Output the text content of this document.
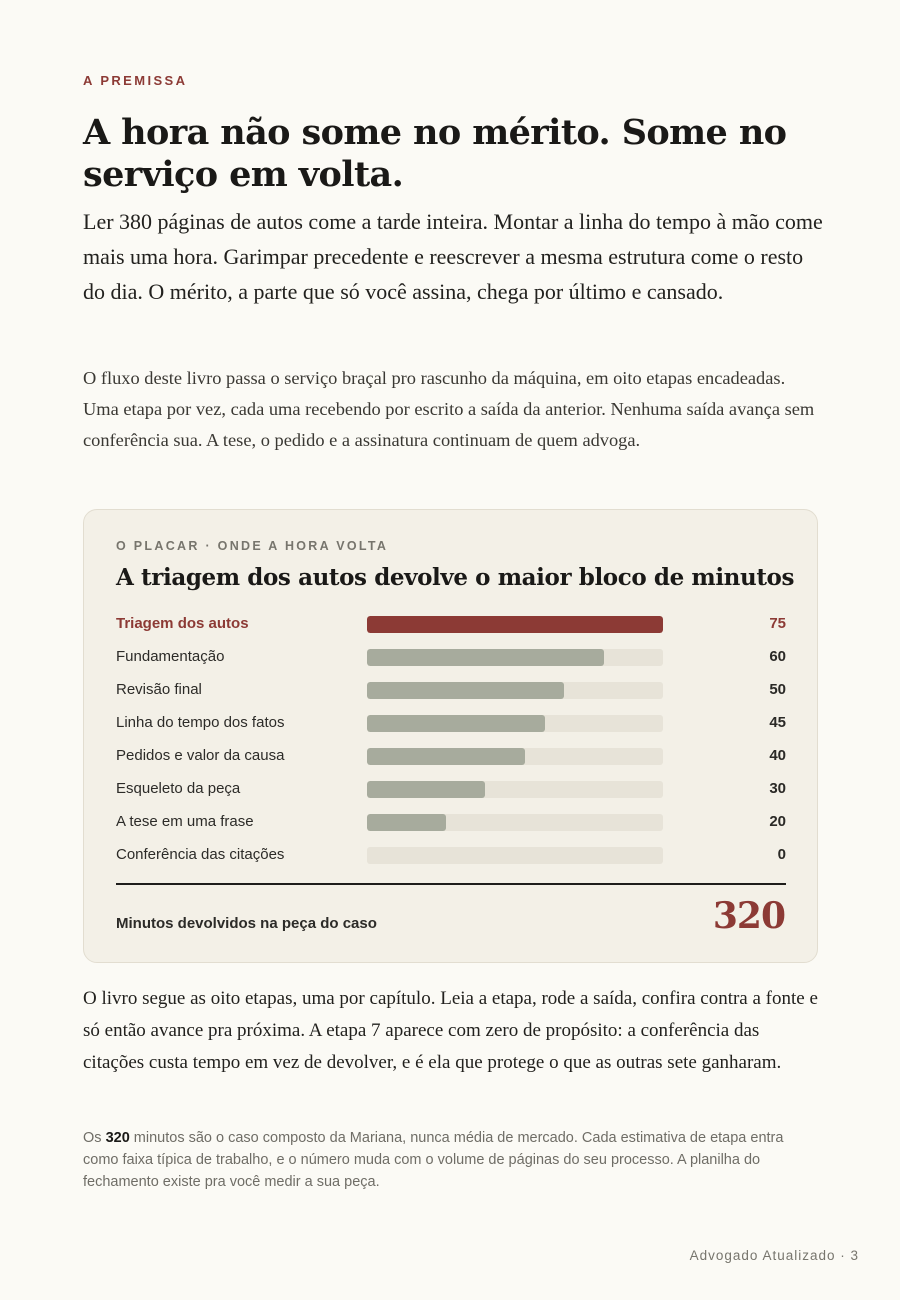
A PREMISSA
A hora não some no mérito. Some no serviço em volta.

Ler 380 páginas de autos come a tarde inteira. Montar a linha do tempo à mão come mais uma hora. Garimpar precedente e reescrever a mesma estrutura come o resto do dia. O mérito, a parte que só você assina, chega por último e cansado.

O fluxo deste livro passa o serviço braçal pro rascunho da máquina, em oito etapas encadeadas. Uma etapa por vez, cada uma recebendo por escrito a saída da anterior. Nenhuma saída avança sem conferência sua. A tese, o pedido e a assinatura continuam de quem advoga.

O PLACAR · ONDE A HORA VOLTA
A triagem dos autos devolve o maior bloco de minutos
Triagem dos autos	75
Fundamentação	60
Revisão final	50
Linha do tempo dos fatos	45
Pedidos e valor da causa	40
Esqueleto da peça	30
A tese em uma frase	20
Conferência das citações	0
Minutos devolvidos na peça do caso	320

O livro segue as oito etapas, uma por capítulo. Leia a etapa, rode a saída, confira contra a fonte e só então avance pra próxima. A etapa 7 aparece com zero de propósito: a conferência das citações custa tempo em vez de devolver, e é ela que protege o que as outras sete ganharam.

Os 320 minutos são o caso composto da Mariana, nunca média de mercado. Cada estimativa de etapa entra como faixa típica de trabalho, e o número muda com o volume de páginas do seu processo. A planilha do fechamento existe pra você medir a sua peça.

Advogado Atualizado · 3
